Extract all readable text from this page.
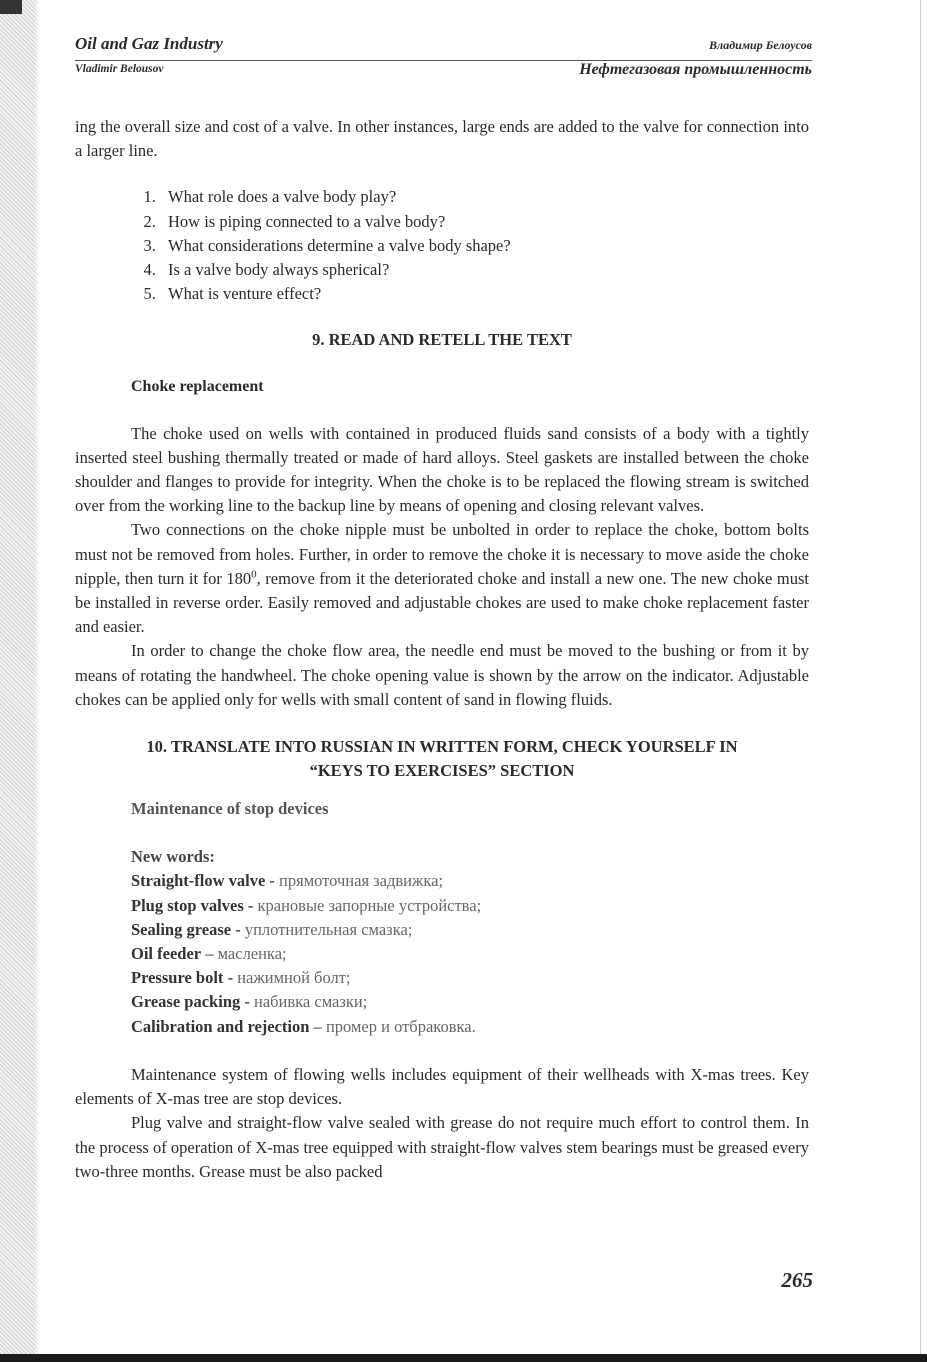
Oil and Gaz Industry	Владимир Белоусов
Vladimir Belousov	Нефтегазовая промышленность

ing the overall size and cost of a valve. In other instances, large ends are added to the valve for connection into a larger line.

1. What role does a valve body play?
2. How is piping connected to a valve body?
3. What considerations determine a valve body shape?
4. Is a valve body always spherical?
5. What is venture effect?
9. READ AND RETELL THE TEXT
Choke replacement

The choke used on wells with contained in produced fluids sand consists of a body with a tightly inserted steel bushing thermally treated or made of hard alloys. Steel gaskets are installed between the choke shoulder and flanges to provide for integrity. When the choke is to be replaced the flowing stream is switched over from the working line to the backup line by means of opening and closing relevant valves.

Two connections on the choke nipple must be unbolted in order to replace the choke, bottom bolts must not be removed from holes. Further, in order to remove the choke it is necessary to move aside the choke nipple, then turn it for $180^0$, remove from it the deteriorated choke and install a new one. The new choke must be installed in reverse order. Easily removed and adjustable chokes are used to make choke replacement faster and easier.

In order to change the choke flow area, the needle end must be moved to the bushing or from it by means of rotating the handwheel. The choke opening value is shown by the arrow on the indicator. Adjustable chokes can be applied only for wells with small content of sand in flowing fluids.

10. TRANSLATE INTO RUSSIAN IN WRITTEN FORM, CHECK YOURSELF IN
“KEYS TO EXERCISES” SECTION
Maintenance of stop devices
New words:
Straight-flow valve - прямоточная задвижка;
Plug stop valves - крановые запорные устройства;
Sealing grease - уплотнительная смазка;
Oil feeder – масленка;
Pressure bolt - нажимной болт;
Grease packing - набивка смазки;
Calibration and rejection – промер и отбраковка.

Maintenance system of flowing wells includes equipment of their wellheads with X-mas trees. Key elements of X-mas tree are stop devices.

Plug valve and straight-flow valve sealed with grease do not require much effort to control them. In the process of operation of X-mas tree equipped with straight-flow valves stem bearings must be greased every two-three months. Grease must be also packed

265
